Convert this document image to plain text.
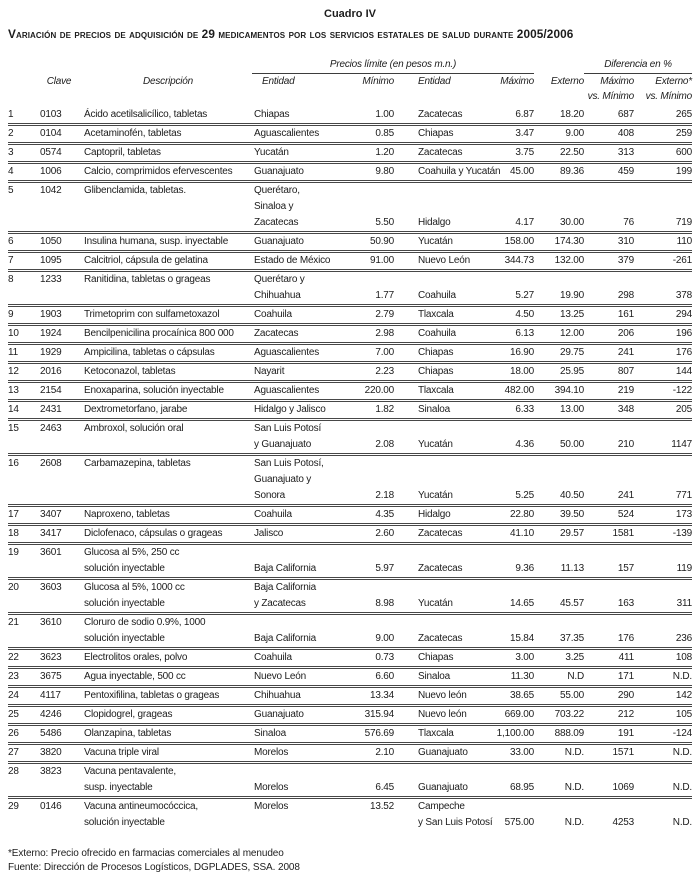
Cuadro IV
Variación de precios de adquisición de 29 medicamentos por los servicios estatales de salud durante 2005/2006
Precios límite (en pesos m.n.)	Diferencia en %
Clave	Descripción	Entidad	Mínimo	Entidad	Máximo	Externo	Máximo	Externo*
vs. Mínimo	vs. Mínimo
1	0103	Ácido acetilsalicílico, tabletas	Chiapas	1.00	Zacatecas	6.87	18.20	687	265
2	0104	Acetaminofén, tabletas	Aguascalientes	0.85	Chiapas	3.47	9.00	408	259
3	0574	Captopril, tabletas	Yucatán	1.20	Zacatecas	3.75	22.50	313	600
4	1006	Calcio, comprimidos efervescentes	Guanajuato	9.80	Coahuila y Yucatán 45.00	89.36	459	199
5	1042	Glibenclamida, tabletas.	Querétaro,
Sinaloa y
Zacatecas	5.50	Hidalgo	4.17	30.00	76	719
6	1050	Insulina humana, susp. inyectable	Guanajuato	50.90	Yucatán	158.00	174.30	310	110
7	1095	Calcitriol, cápsula de gelatina	Estado de México	91.00	Nuevo León	344.73	132.00	379	-261
8	1233	Ranitidina, tabletas o grageas	Querétaro y
Chihuahua	1.77	Coahuila	5.27	19.90	298	378
9	1903	Trimetoprim con sulfametoxazol	Coahuila	2.79	Tlaxcala	4.50	13.25	161	294
10	1924	Bencilpenicilina procaínica 800 000	Zacatecas	2.98	Coahuila	6.13	12.00	206	196
11	1929	Ampicilina, tabletas o cápsulas	Aguascalientes	7.00	Chiapas	16.90	29.75	241	176
12	2016	Ketoconazol, tabletas	Nayarit	2.23	Chiapas	18.00	25.95	807	144
13	2154	Enoxaparina, solución inyectable	Aguascalientes	220.00	Tlaxcala	482.00	394.10	219	-122
14	2431	Dextrometorfano, jarabe	Hidalgo y Jalisco	1.82	Sinaloa	6.33	13.00	348	205
15	2463	Ambroxol, solución oral	San Luis Potosí
y Guanajuato	2.08	Yucatán	4.36	50.00	210	1147
16	2608	Carbamazepina, tabletas	San Luis Potosí,
Guanajuato y
Sonora	2.18	Yucatán	5.25	40.50	241	771
17	3407	Naproxeno, tabletas	Coahuila	4.35	Hidalgo	22.80	39.50	524	173
18	3417	Diclofenaco, cápsulas o grageas	Jalisco	2.60	Zacatecas	41.10	29.57	1581	-139
19	3601	Glucosa al 5%, 250 cc
solución inyectable	Baja California	5.97	Zacatecas	9.36	11.13	157	119
20	3603	Glucosa al 5%, 1000 cc	Baja California
solución inyectable	y Zacatecas	8.98	Yucatán	14.65	45.57	163	311
21	3610	Cloruro de sodio 0.9%, 1000
solución inyectable	Baja California	9.00	Zacatecas	15.84	37.35	176	236
22	3623	Electrolitos orales, polvo	Coahuila	0.73	Chiapas	3.00	3.25	411	108
23	3675	Agua inyectable, 500 cc	Nuevo León	6.60	Sinaloa	11.30	N.D	171	N.D.
24	4117	Pentoxifilina, tabletas o grageas	Chihuahua	13.34	Nuevo león	38.65	55.00	290	142
25	4246	Clopidogrel, grageas	Guanajuato	315.94	Nuevo león	669.00	703.22	212	105
26	5486	Olanzapina, tabletas	Sinaloa	576.69	Tlaxcala	1,100.00	888.09	191	-124
27	3820	Vacuna triple viral	Morelos	2.10	Guanajuato	33.00	N.D.	1571	N.D.
28	3823	Vacuna pentavalente,
susp. inyectable	Morelos	6.45	Guanajuato	68.95	N.D.	1069	N.D.
29	0146	Vacuna antineumocóccica,	Morelos	13.52	Campeche
solución inyectable	y San Luis Potosí	575.00	N.D.	4253	N.D.
*Externo: Precio ofrecido en farmacias comerciales al menudeo
Fuente: Dirección de Procesos Logísticos, DGPLADES, SSA. 2008
